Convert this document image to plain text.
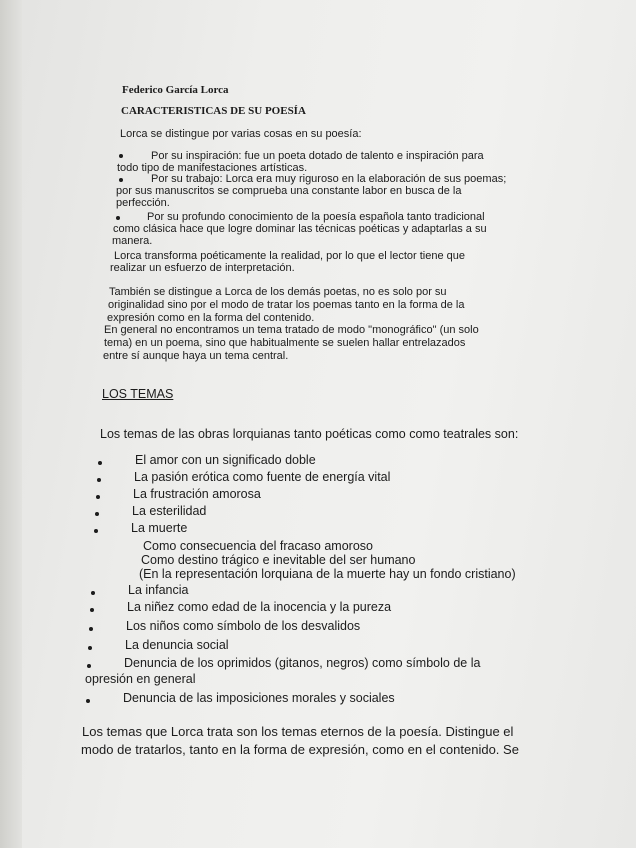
Federico García Lorca
CARACTERISTICAS DE SU POESÍA
Lorca se distingue por varias cosas en su poesía:
Por su inspiración: fue un poeta dotado de talento e inspiración para
todo tipo de manifestaciones artísticas.
Por su trabajo: Lorca era muy riguroso en la elaboración de sus poemas;
por sus manuscritos se comprueba una constante labor en busca de la
perfección.
Por su profundo conocimiento de la poesía española tanto tradicional
como clásica hace que logre dominar las técnicas poéticas y adaptarlas a su
manera.
Lorca transforma poéticamente la realidad, por lo que el lector tiene que
realizar un esfuerzo de interpretación.
También se distingue a Lorca de los demás poetas, no es solo por su
originalidad sino por el modo de tratar los poemas tanto en la forma de la
expresión como en la forma del contenido.
En general no encontramos un tema tratado de modo "monográfico" (un solo
tema) en un poema, sino que habitualmente se suelen hallar entrelazados
entre sí aunque haya un tema central.
LOS TEMAS
Los temas de las obras lorquianas tanto poéticas como como teatrales son:
El amor con un significado doble
La pasión erótica como fuente de energía vital
La frustración amorosa
La esterilidad
La muerte
Como consecuencia del fracaso amoroso
Como destino trágico e inevitable del ser humano
(En la representación lorquiana de la muerte hay un fondo cristiano)
La infancia
La niñez como edad de la inocencia y la pureza
Los niños como símbolo de los desvalidos
La denuncia social
Denuncia de los oprimidos (gitanos, negros) como símbolo de la
opresión en general
Denuncia de las imposiciones morales y sociales
Los temas que Lorca trata son los temas eternos de la poesía. Distingue el
modo de tratarlos, tanto en la forma de expresión, como en el contenido. Se
